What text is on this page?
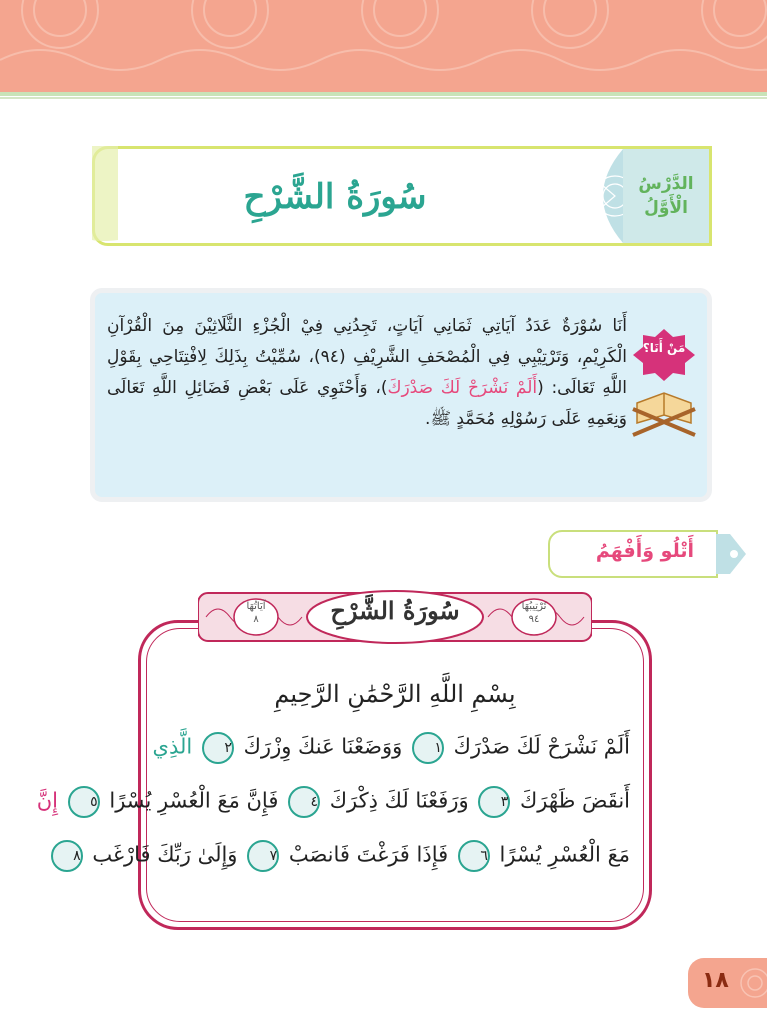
سُورَةُ الشَّرْحِ	الدَّرْسُ
الْأَوَّلُ
أَنَا سُوْرَةٌ عَدَدُ آيَاتِي ثَمَانِي آيَاتٍ، تَجِدُنِي فِيْ الْجُزْءِ الثَّلَاثِيْنَ مِنَ الْقُرْآنِ الْكَرِيْمِ، وَتَرْتِيْبِي فِي الْمُصْحَفِ الشَّرِيْفِ (٩٤)، سُمِّيْتُ بِذَلِكَ لِافْتِتَاحِي بِقَوْلِ اللَّهِ تَعَالَى: (أَلَمْ نَشْرَحْ لَكَ صَدْرَكَ)، وَأَحْتَوِي عَلَى بَعْضِ فَضَائِلِ اللَّهِ تَعَالَى وَنِعَمِهِ عَلَى رَسُوْلِهِ مُحَمَّدٍ ﷺ.
مَنْ أَنَا؟
أَتْلُو وَأَفْهَمُ
سُورَةُ الشَّرْحِ
آيَاتُهَا
٨
تَرْتِيبُهَا
٩٤
بِسْمِ اللَّهِ الرَّحْمَٰنِ الرَّحِيمِ
أَلَمْ نَشْرَحْ لَكَ صَدْرَكَ ١ وَوَضَعْنَا عَنكَ وِزْرَكَ ٢ الَّذِي
أَنقَضَ ظَهْرَكَ ٣ وَرَفَعْنَا لَكَ ذِكْرَكَ ٤ فَإِنَّ مَعَ الْعُسْرِ يُسْرًا ٥ إِنَّ
مَعَ الْعُسْرِ يُسْرًا ٦ فَإِذَا فَرَغْتَ فَانصَبْ ٧ وَإِلَىٰ رَبِّكَ فَارْغَب ٨
١٨
